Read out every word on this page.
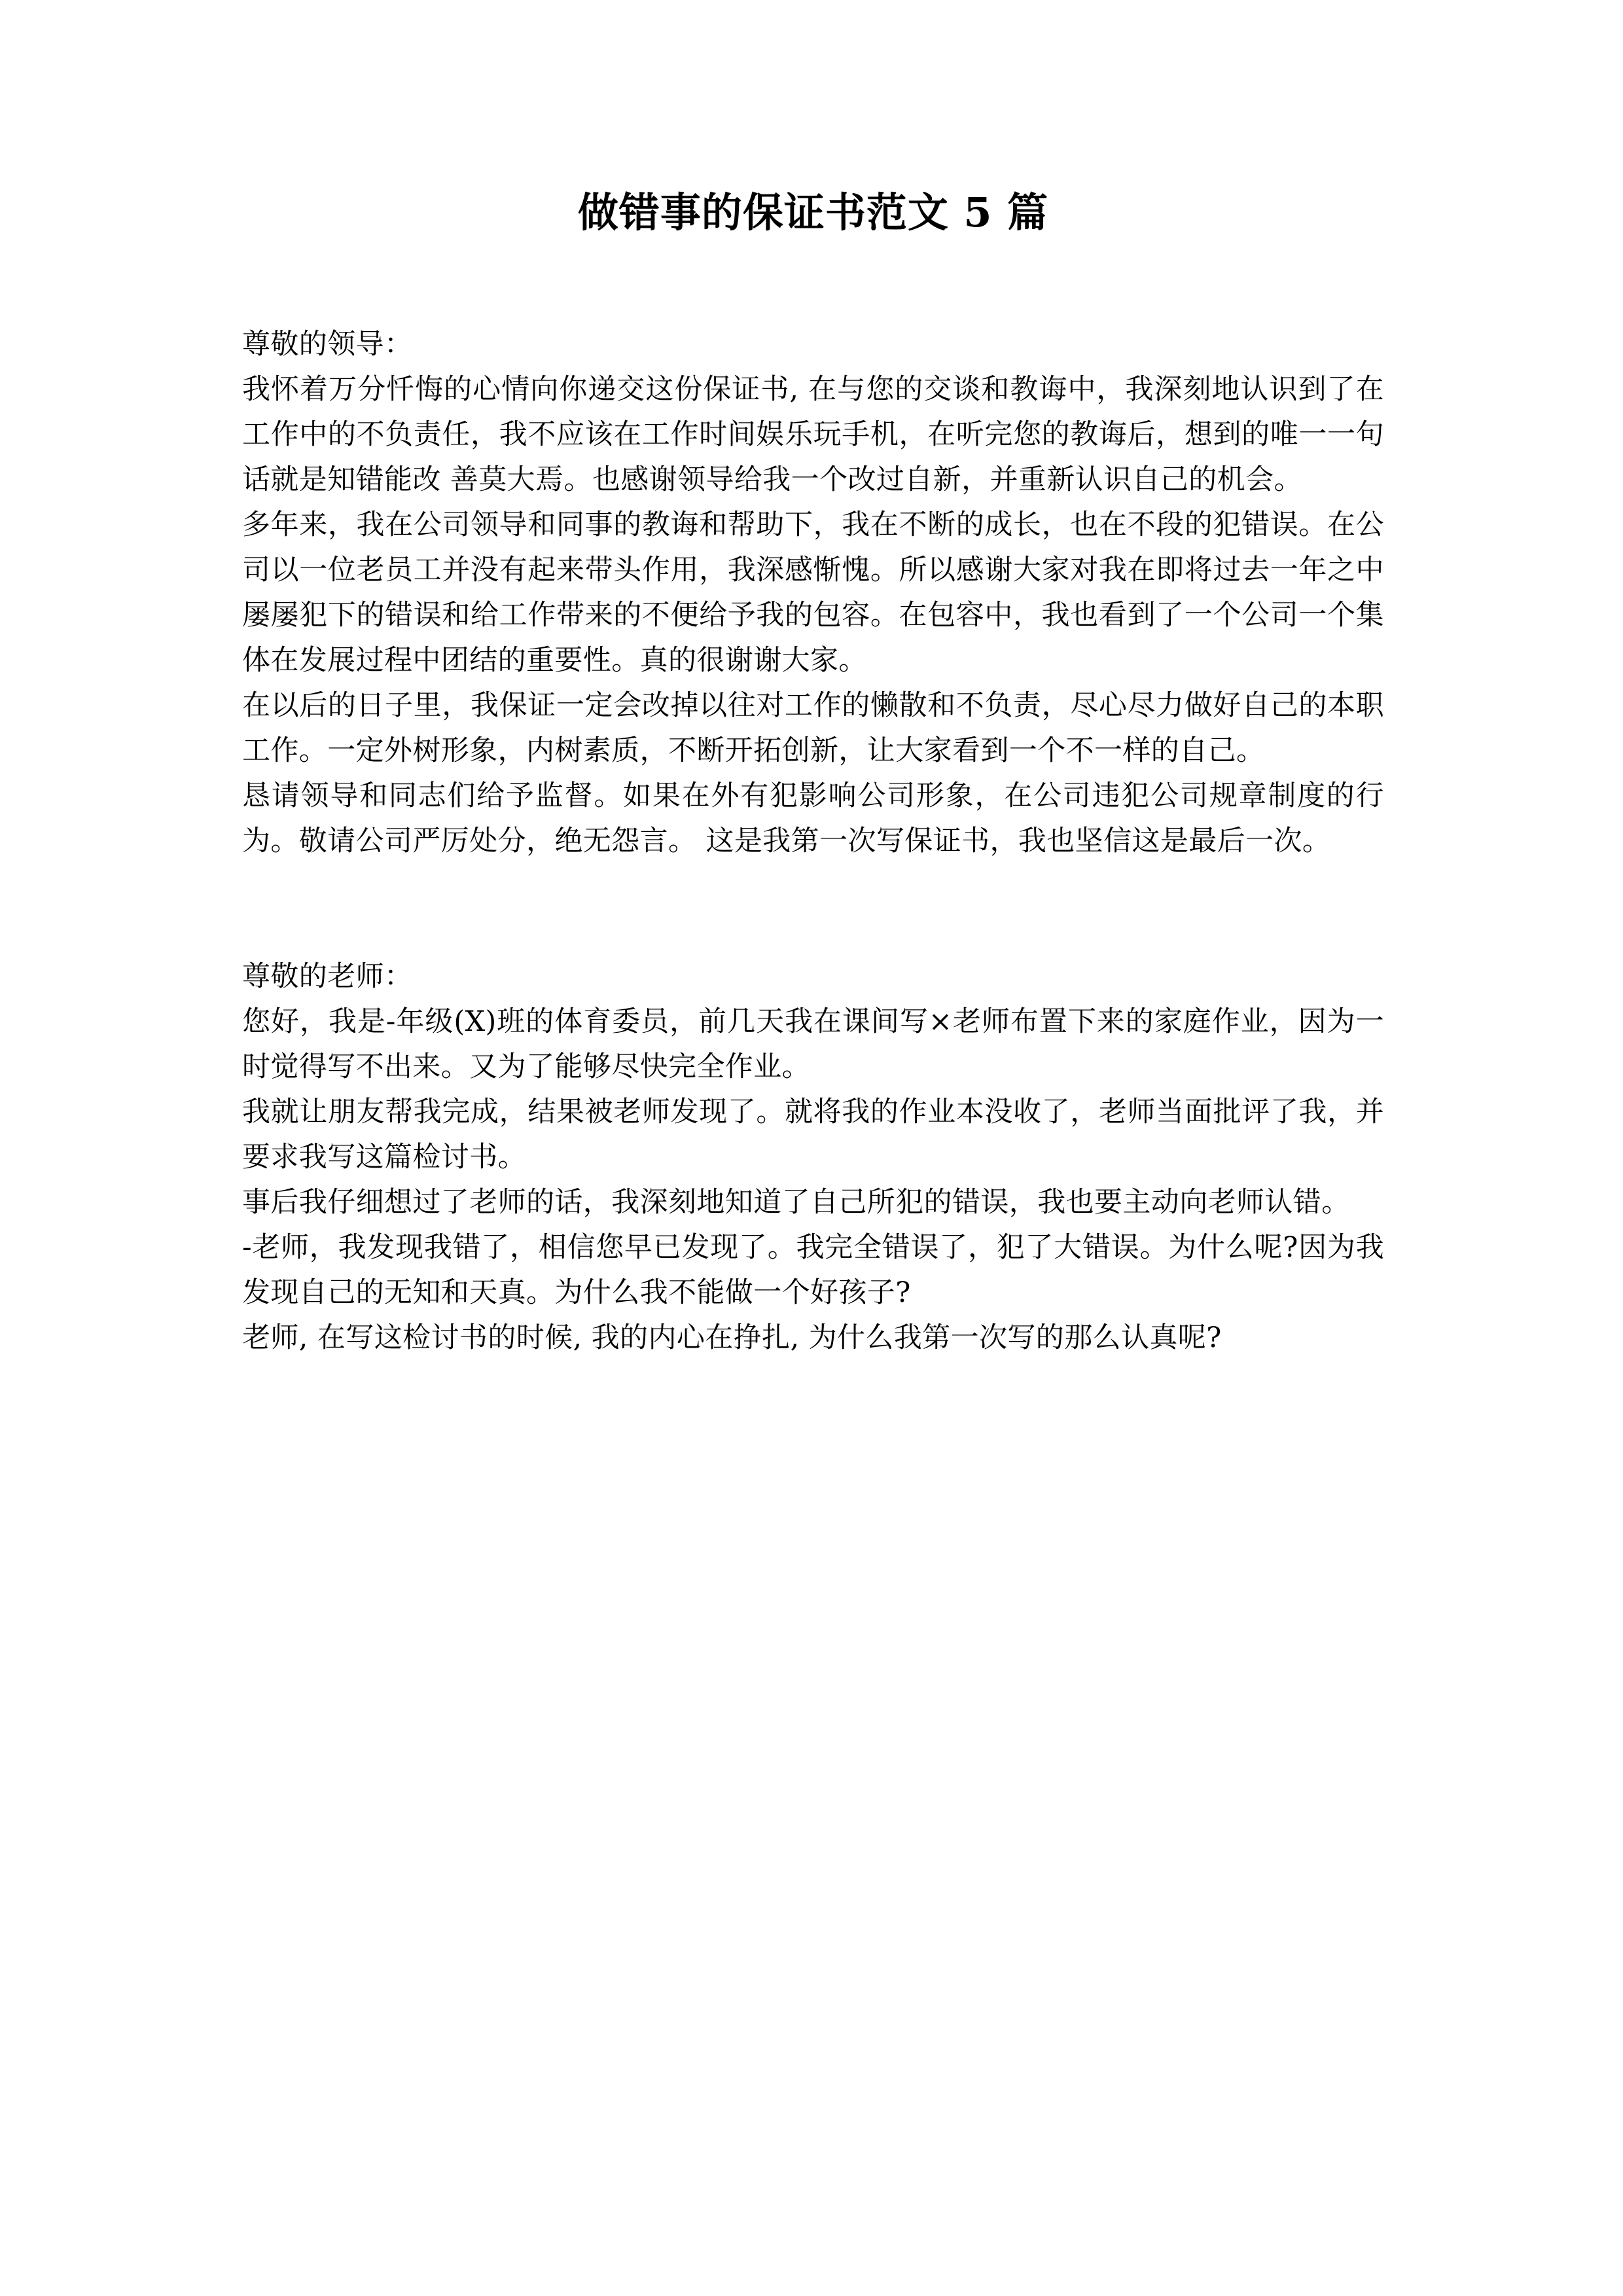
做错事的保证书范文 5 篇

尊敬的领导：

我怀着万分忏悔的心情向你递交这份保证书, 在与您的交谈和教诲中，我深刻地认识到了在工作中的不负责任，我不应该在工作时间娱乐玩手机，在听完您的教诲后，想到的唯一一句话就是知错能改 善莫大焉。也感谢领导给我一个改过自新，并重新认识自己的机会。

多年来，我在公司领导和同事的教诲和帮助下，我在不断的成长，也在不段的犯错误。在公司以一位老员工并没有起来带头作用，我深感惭愧。所以感谢大家对我在即将过去一年之中屡屡犯下的错误和给工作带来的不便给予我的包容。在包容中，我也看到了一个公司一个集体在发展过程中团结的重要性。真的很谢谢大家。

在以后的日子里，我保证一定会改掉以往对工作的懒散和不负责，尽心尽力做好自己的本职工作。一定外树形象，内树素质，不断开拓创新，让大家看到一个不一样的自己。

恳请领导和同志们给予监督。如果在外有犯影响公司形象，在公司违犯公司规章制度的行为。敬请公司严厉处分，绝无怨言。 这是我第一次写保证书，我也坚信这是最后一次。

尊敬的老师：

您好，我是-年级(X)班的体育委员，前几天我在课间写×老师布置下来的家庭作业，因为一时觉得写不出来。又为了能够尽快完全作业。

我就让朋友帮我完成，结果被老师发现了。就将我的作业本没收了，老师当面批评了我，并要求我写这篇检讨书。

事后我仔细想过了老师的话，我深刻地知道了自己所犯的错误，我也要主动向老师认错。

-老师，我发现我错了，相信您早已发现了。我完全错误了，犯了大错误。为什么呢?因为我发现自己的无知和天真。为什么我不能做一个好孩子?

老师, 在写这检讨书的时候, 我的内心在挣扎, 为什么我第一次写的那么认真呢?
